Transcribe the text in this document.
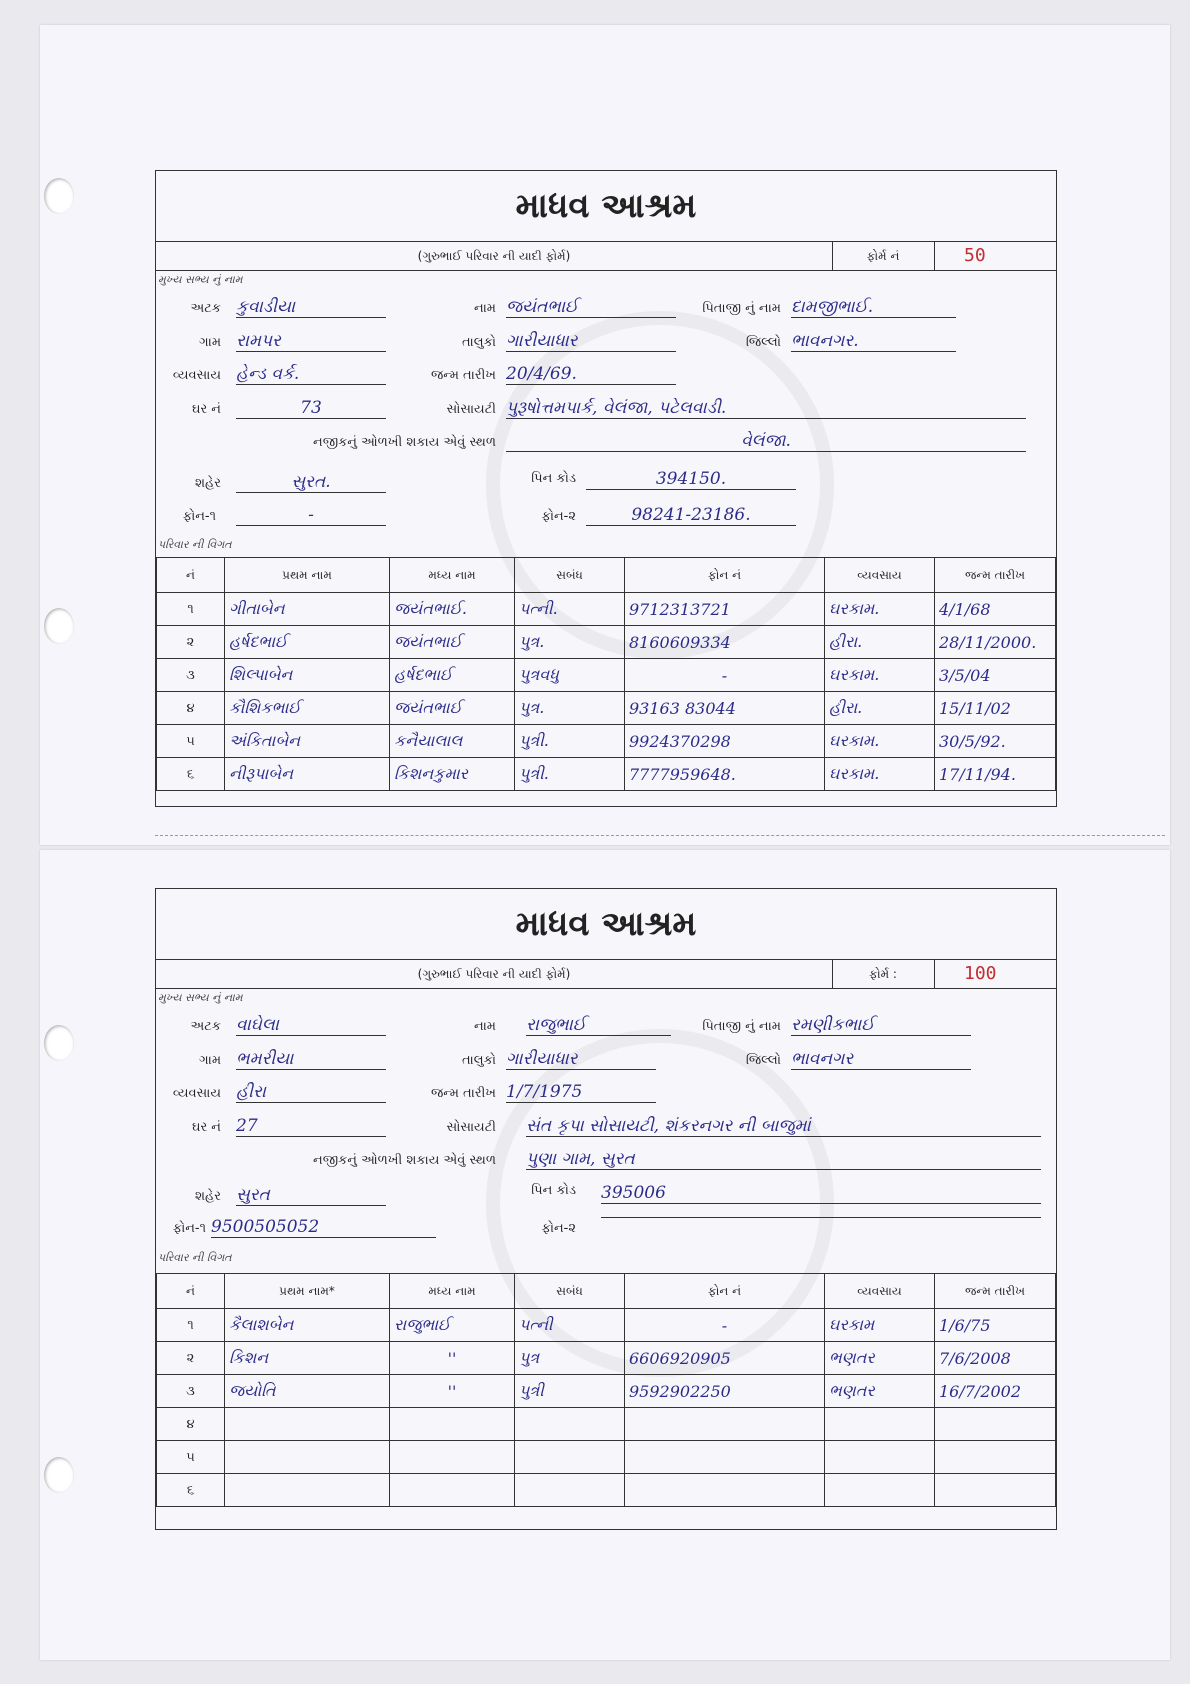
માધવ આશ્રમ
(ગુરુભાઈ પરિવાર ની યાદી ફોર્મ)	ફોર્મ નં	50
મુખ્ય સભ્ય નું નામ
અટક કુવાડીયા	નામ જયંતભાઈ	પિતાજી નું નામ દામજીભાઈ.
ગામ રામપર	તાલુકો ગારીયાધાર	જિલ્લો ભાવનગર.
વ્યવસાય હેન્ડ વર્ક.	જન્મ તારીખ 20/4/69.
ઘર નં	73	સોસાયટી પુરૂષોત્તમપાર્ક, વેલંજા, પટેલવાડી.
નજીકનું ઓળખી શકાય એવું સ્થળ	વેલંજા.
શહેર	સુરત.	પિન કોડ	394150.
ફોન-૧	-	ફોન-૨	98241-23186.
પરિવાર ની વિગત
નં	પ્રથમ નામ	મધ્ય નામ	સબંધ	ફોન નં	વ્યવસાય	જન્મ તારીખ
૧	ગીતાબેન	જયંતભાઈ.	પત્ની.	9712313721	ઘરકામ.	4/1/68
૨	હર્ષદભાઈ	જયંતભાઈ	પુત્ર.	8160609334	હીરા.	28/11/2000.
૩	શિલ્પાબેન	હર્ષદભાઈ	પુત્રવધુ	-	ઘરકામ.	3/5/04
૪	કૌશિકભાઈ	જયંતભાઈ	પુત્ર.	93163 83044	હીરા.	15/11/02
૫	અંકિતાબેન	કનૈયાલાલ	પુત્રી.	9924370298	ઘરકામ.	30/5/92.
૬	નીરૂપાબેન	કિશનકુમાર	પુત્રી.	7777959648.	ઘરકામ.	17/11/94.
માધવ આશ્રમ
(ગુરુભાઈ પરિવાર ની યાદી ફોર્મ)	ફોર્મ :	100
મુખ્ય સભ્ય નું નામ
અટક વાઘેલા	નામ રાજુભાઈ	પિતાજી નું નામ રમણીકભાઈ
ગામ ભમરીયા	તાલુકો ગારીયાધાર	જિલ્લો ભાવનગર
વ્યવસાય હીરા	જન્મ તારીખ 1/7/1975
ઘર નં 27	સોસાયટી સંત કૃપા સોસાયટી, શંકરનગર ની બાજુમાં
નજીકનું ઓળખી શકાય એવું સ્થળ પુણા ગામ, સુરત
શહેર સુરત	પિન કોડ 395006
ફોન-૧ 9500505052	ફોન-૨
પરિવાર ની વિગત
નં	પ્રથમ નામ*	મધ્ય નામ	સબંધ	ફોન નં	વ્યવસાય	જન્મ તારીખ
૧	કૈલાશબેન	રાજુભાઈ	પત્ની	-	ઘરકામ	1/6/75
૨	કિશન	''	પુત્ર	6606920905	ભણતર	7/6/2008
૩	જયોતિ	''	પુત્રી	9592902250	ભણતર	16/7/2002
૪						
૫						
૬						
